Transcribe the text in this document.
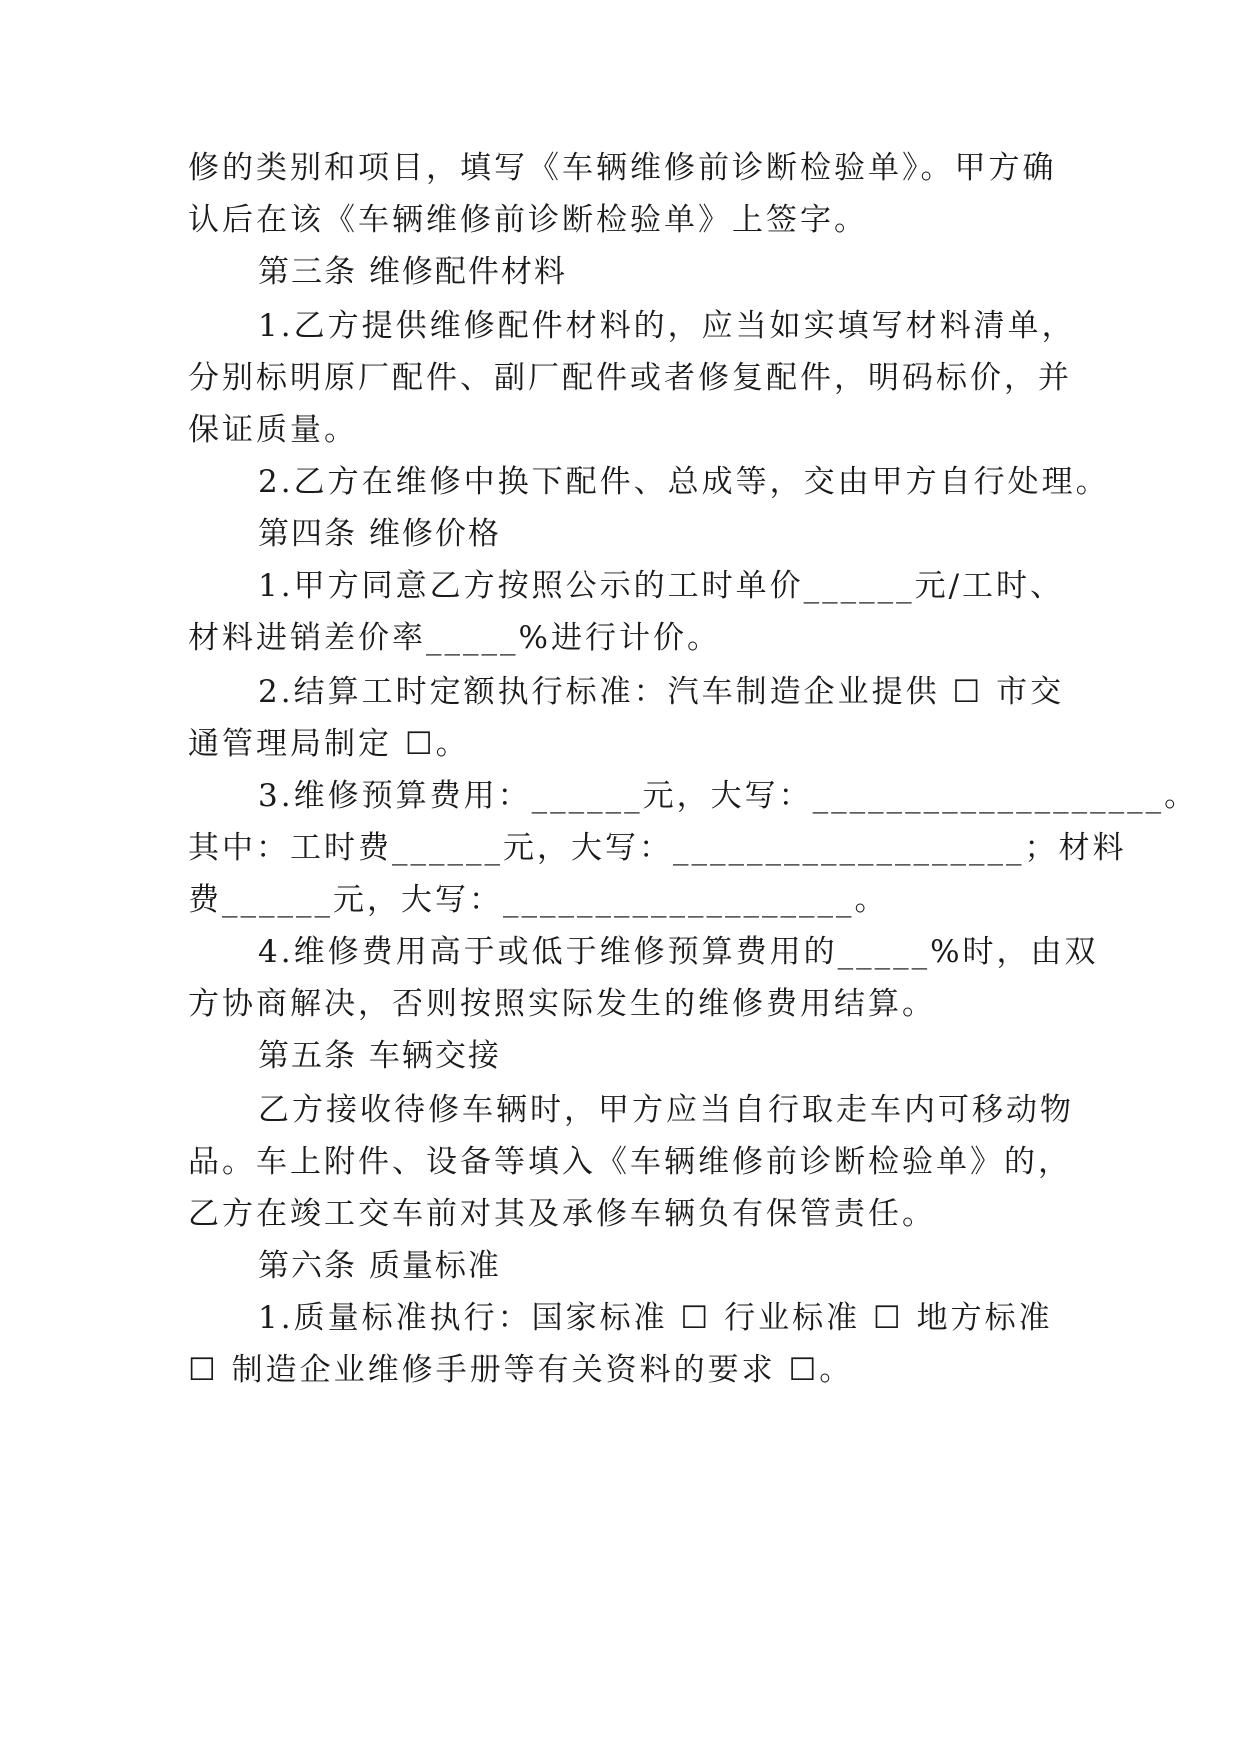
修的类别和项目，填写《车辆维修前诊断检验单》。甲方确
认后在该《车辆维修前诊断检验单》上签字。
第三条 维修配件材料
1.乙方提供维修配件材料的，应当如实填写材料清单，
分别标明原厂配件、副厂配件或者修复配件，明码标价，并
保证质量。
2.乙方在维修中换下配件、总成等，交由甲方自行处理。
第四条 维修价格
1.甲方同意乙方按照公示的工时单价______元/工时、
材料进销差价率_____%进行计价。
2.结算工时定额执行标准：汽车制造企业提供 ☐ 市交
通管理局制定 ☐。
3.维修预算费用：______元，大写：___________________。
其中：工时费______元，大写：___________________；材料
费______元，大写：___________________。
4.维修费用高于或低于维修预算费用的_____%时，由双
方协商解决，否则按照实际发生的维修费用结算。
第五条 车辆交接
乙方接收待修车辆时，甲方应当自行取走车内可移动物
品。车上附件、设备等填入《车辆维修前诊断检验单》的，
乙方在竣工交车前对其及承修车辆负有保管责任。
第六条 质量标准
1.质量标准执行：国家标准 ☐ 行业标准 ☐ 地方标准
☐ 制造企业维修手册等有关资料的要求 ☐。
